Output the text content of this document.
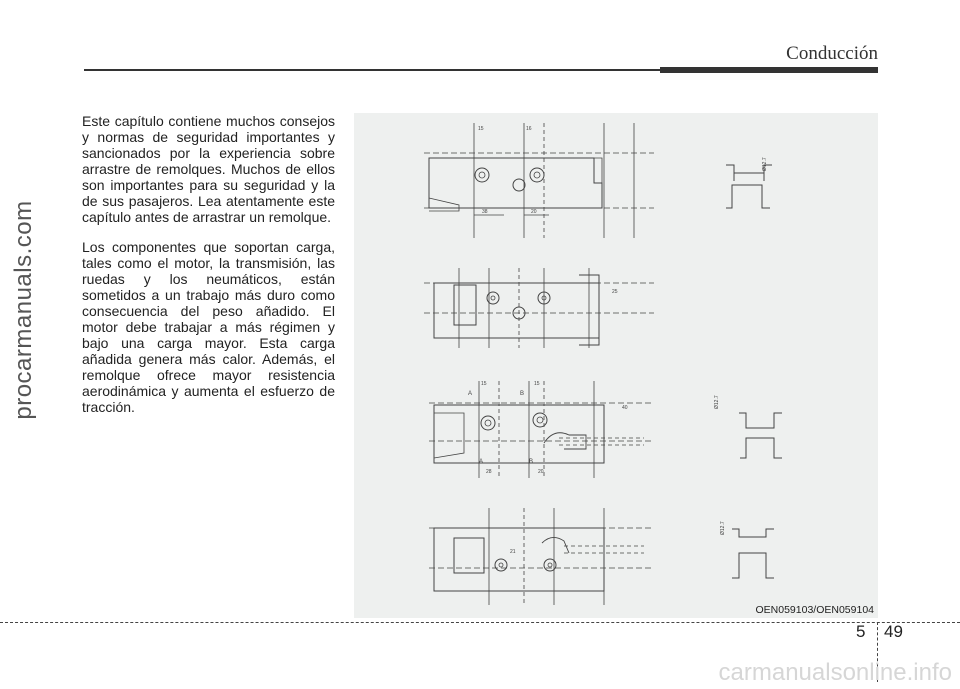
procarmanuals.com
Conducción

Este capítulo contiene muchos consejos y normas de seguridad importantes y sancionados por la experiencia sobre arrastre de remolques. Muchos de ellos son importantes para su seguridad y la de sus pasajeros. Lea atentamente este capítulo antes de arrastrar un remolque.

Los componentes que soportan carga, tales como el motor, la transmisión, las ruedas y los neumáticos, están sometidos a un trabajo más duro como consecuencia del peso añadido. El motor debe trabajar a más régimen y bajo una carga mayor. Esta carga añadida genera más calor. Además, el remolque ofrece mayor resistencia aerodinámica y aumenta el esfuerzo de tracción.

15	16
38	20
Ø12.7
25
A	B
15	15
A	B
28	20
40	Ø12.7
21
Ø12.7
OEN059103/OEN059104
5 49
carmanualsonline.info
